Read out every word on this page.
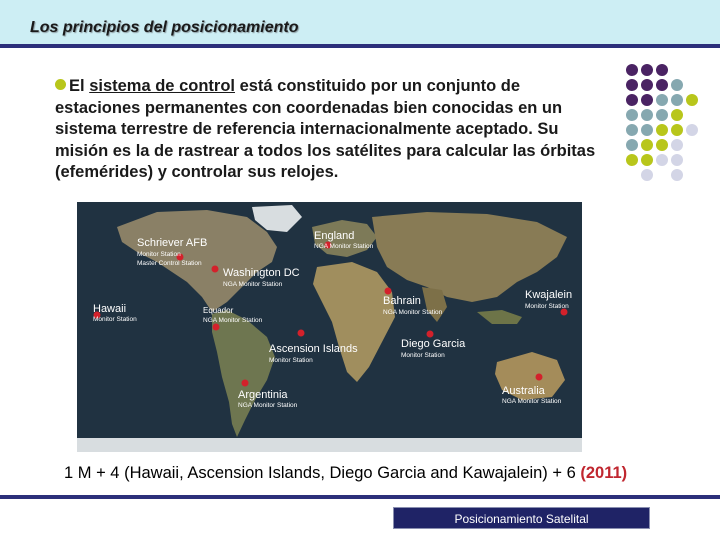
Los principios del posicionamiento
El sistema de control está constituido por un conjunto de estaciones permanentes con coordenadas bien conocidas en un sistema terrestre de referencia internacionalmente aceptado. Su misión es la de rastrear a todos los satélites para calcular las órbitas (efemérides) y controlar sus relojes.
Schriever AFB
Monitor Station
Master Control Station
England
NGA Monitor Station
Washington DC
NGA Monitor Station
Hawaii
Monitor Station
Equador
NGA Monitor Station
Bahrain
NGA Monitor Station
Kwajalein
Monitor Station
Ascension Islands
Monitor Station
Diego Garcia
Monitor Station
Argentinia
NGA Monitor Station
Australia
NGA Monitor Station
1 M + 4 (Hawaii, Ascension Islands, Diego Garcia and Kawajalein) + 6 (2011)
Posicionamiento Satelital
